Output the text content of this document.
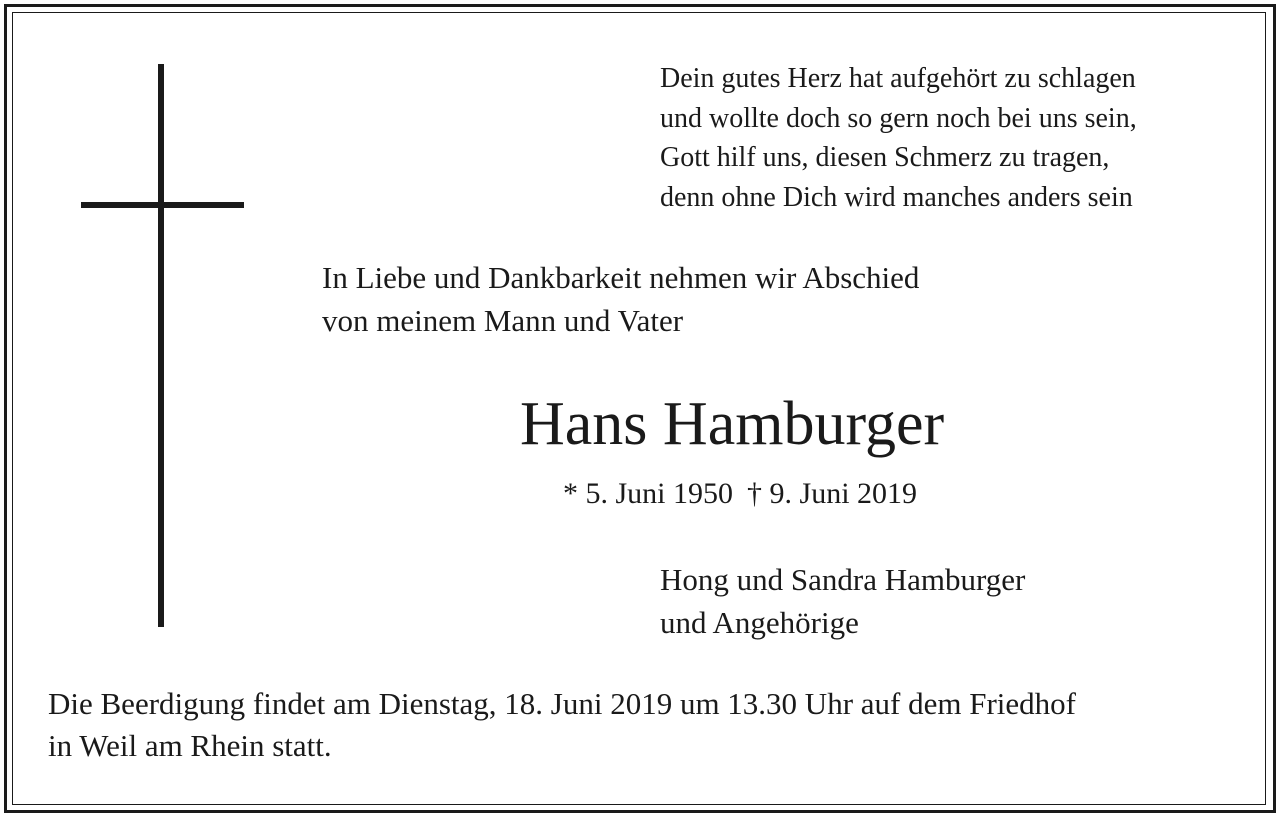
Dein gutes Herz hat aufgehört zu schlagen
und wollte doch so gern noch bei uns sein,
Gott hilf uns, diesen Schmerz zu tragen,
denn ohne Dich wird manches anders sein
In Liebe und Dankbarkeit nehmen wir Abschied
von meinem Mann und Vater
Hans Hamburger
* 5. Juni 1950 † 9. Juni 2019
Hong und Sandra Hamburger
und Angehörige
Die Beerdigung findet am Dienstag, 18. Juni 2019 um 13.30 Uhr auf dem Friedhof
in Weil am Rhein statt.
